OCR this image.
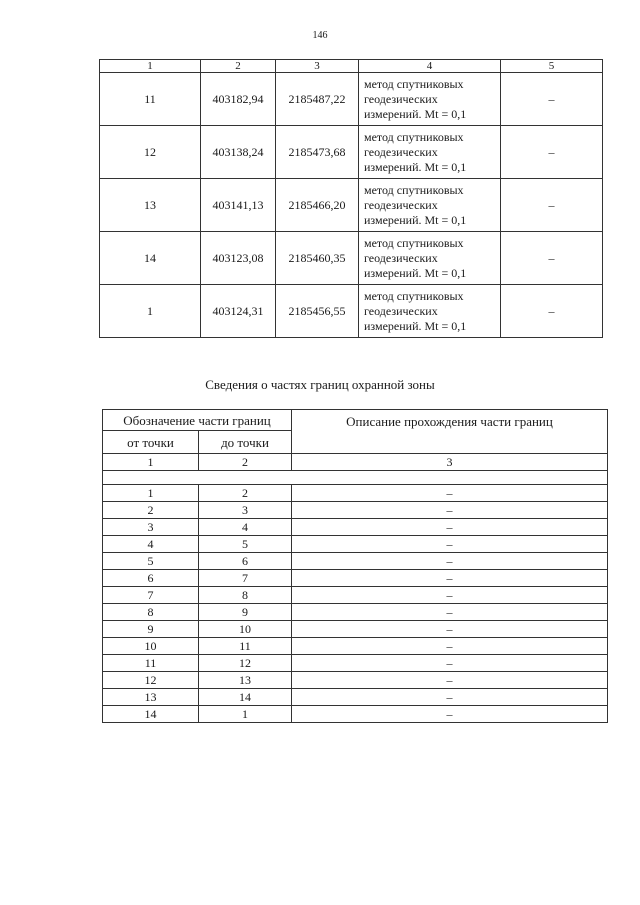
146
1	2	3	4	5
11	403182,94	2185487,22	метод спутниковых
геодезических
измерений. Mt = 0,1	–
12	403138,24	2185473,68	метод спутниковых
геодезических
измерений. Mt = 0,1	–
13	403141,13	2185466,20	метод спутниковых
геодезических
измерений. Mt = 0,1	–
14	403123,08	2185460,35	метод спутниковых
геодезических
измерений. Mt = 0,1	–
1	403124,31	2185456,55	метод спутниковых
геодезических
измерений. Mt = 0,1	–
Сведения о частях границ охранной зоны
Обозначение части границ		Описание прохождения части границ
от точки	до точки	
1	2	3

1	2	–
2	3	–
3	4	–
4	5	–
5	6	–
6	7	–
7	8	–
8	9	–
9	10	–
10	11	–
11	12	–
12	13	–
13	14	–
14	1	–
